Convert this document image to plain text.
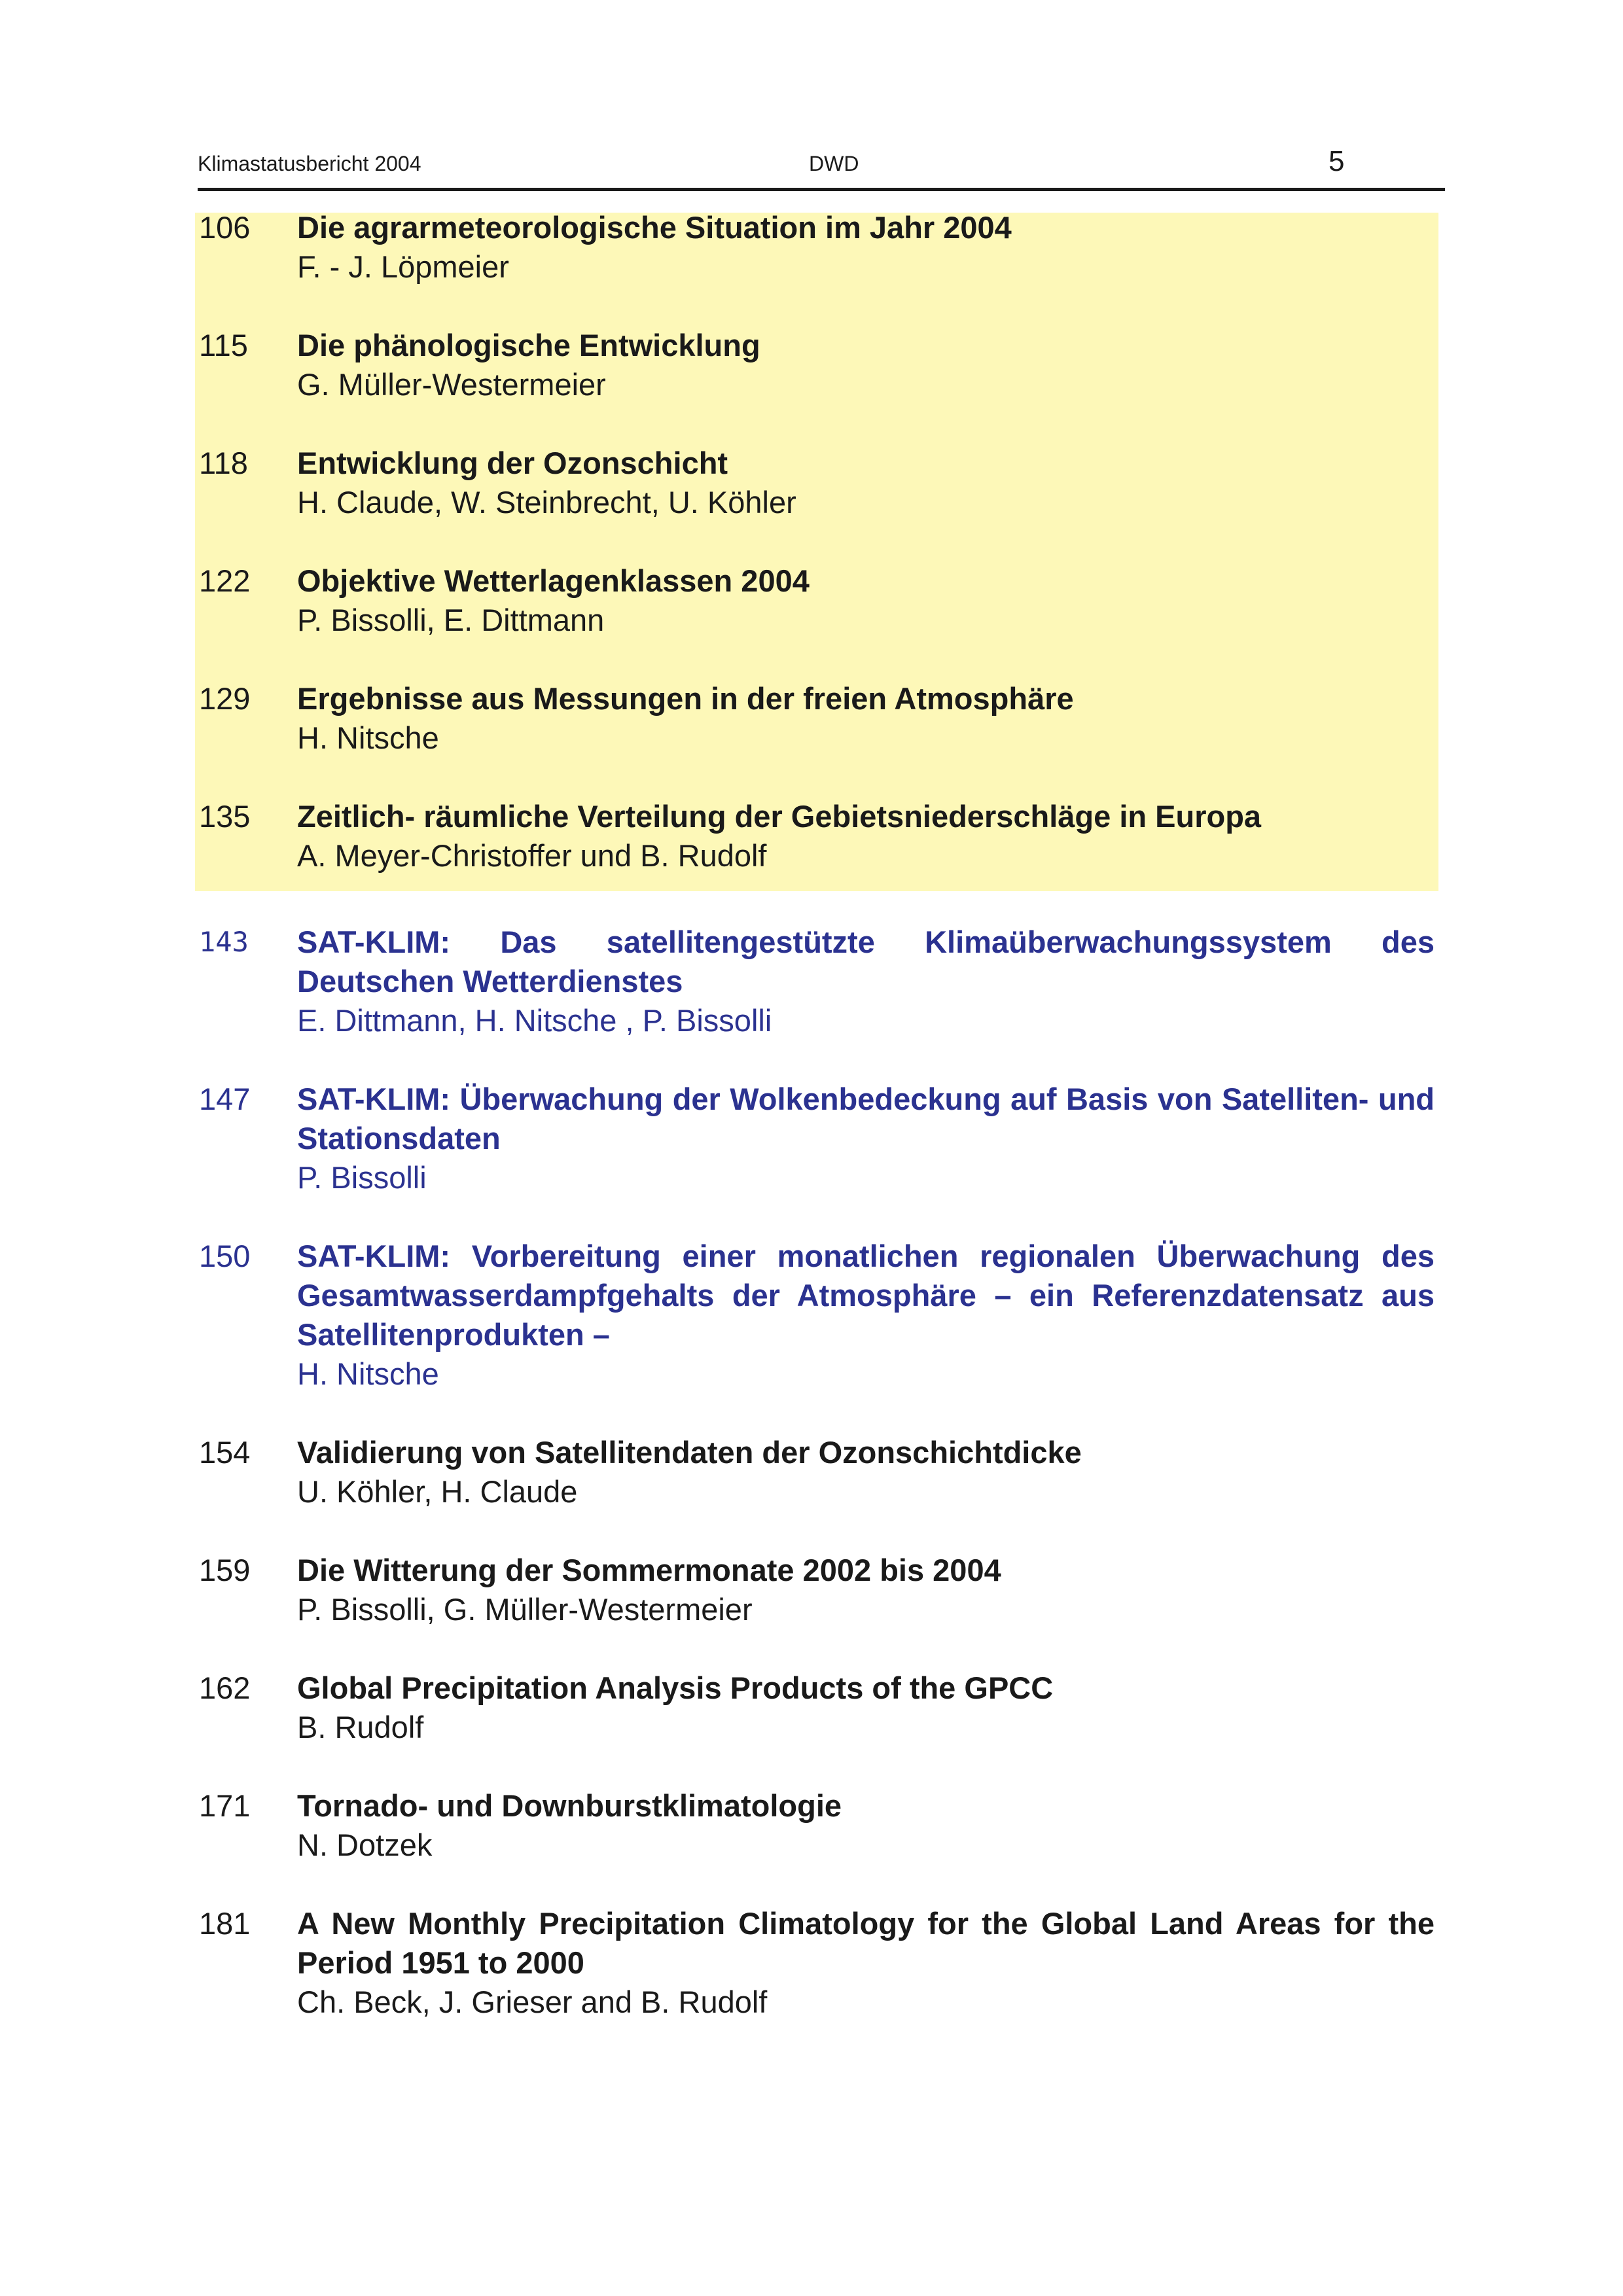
Klimastatusbericht 2004	DWD	5
106	Die agrarmeteorologische Situation im Jahr 2004
F. - J. Löpmeier
115	Die phänologische Entwicklung
G. Müller-Westermeier
118	Entwicklung der Ozonschicht
H. Claude, W. Steinbrecht, U. Köhler
122	Objektive Wetterlagenklassen 2004
P. Bissolli, E. Dittmann
129	Ergebnisse aus Messungen in der freien Atmosphäre
H. Nitsche
135	Zeitlich- räumliche Verteilung der Gebietsniederschläge in Europa
A. Meyer-Christoffer und B. Rudolf
143	SAT-KLIM: Das satellitengestützte Klimaüberwachungssystem des Deutschen Wetterdienstes
E. Dittmann, H. Nitsche , P. Bissolli
147	SAT-KLIM: Überwachung der Wolkenbedeckung auf Basis von Satelliten- und Stationsdaten
P. Bissolli
150	SAT-KLIM: Vorbereitung einer monatlichen regionalen Überwachung des Gesamtwasserdampfgehalts der Atmosphäre – ein Referenzdatensatz aus Satellitenprodukten –
H. Nitsche
154	Validierung von Satellitendaten der Ozonschichtdicke
U. Köhler, H. Claude
159	Die Witterung der Sommermonate 2002 bis 2004
P. Bissolli, G. Müller-Westermeier
162	Global Precipitation Analysis Products of the GPCC
B. Rudolf
171	Tornado- und Downburstklimatologie
N. Dotzek
181	A New Monthly Precipitation Climatology for the Global Land Areas for the Period 1951 to 2000
Ch. Beck, J. Grieser and B. Rudolf
